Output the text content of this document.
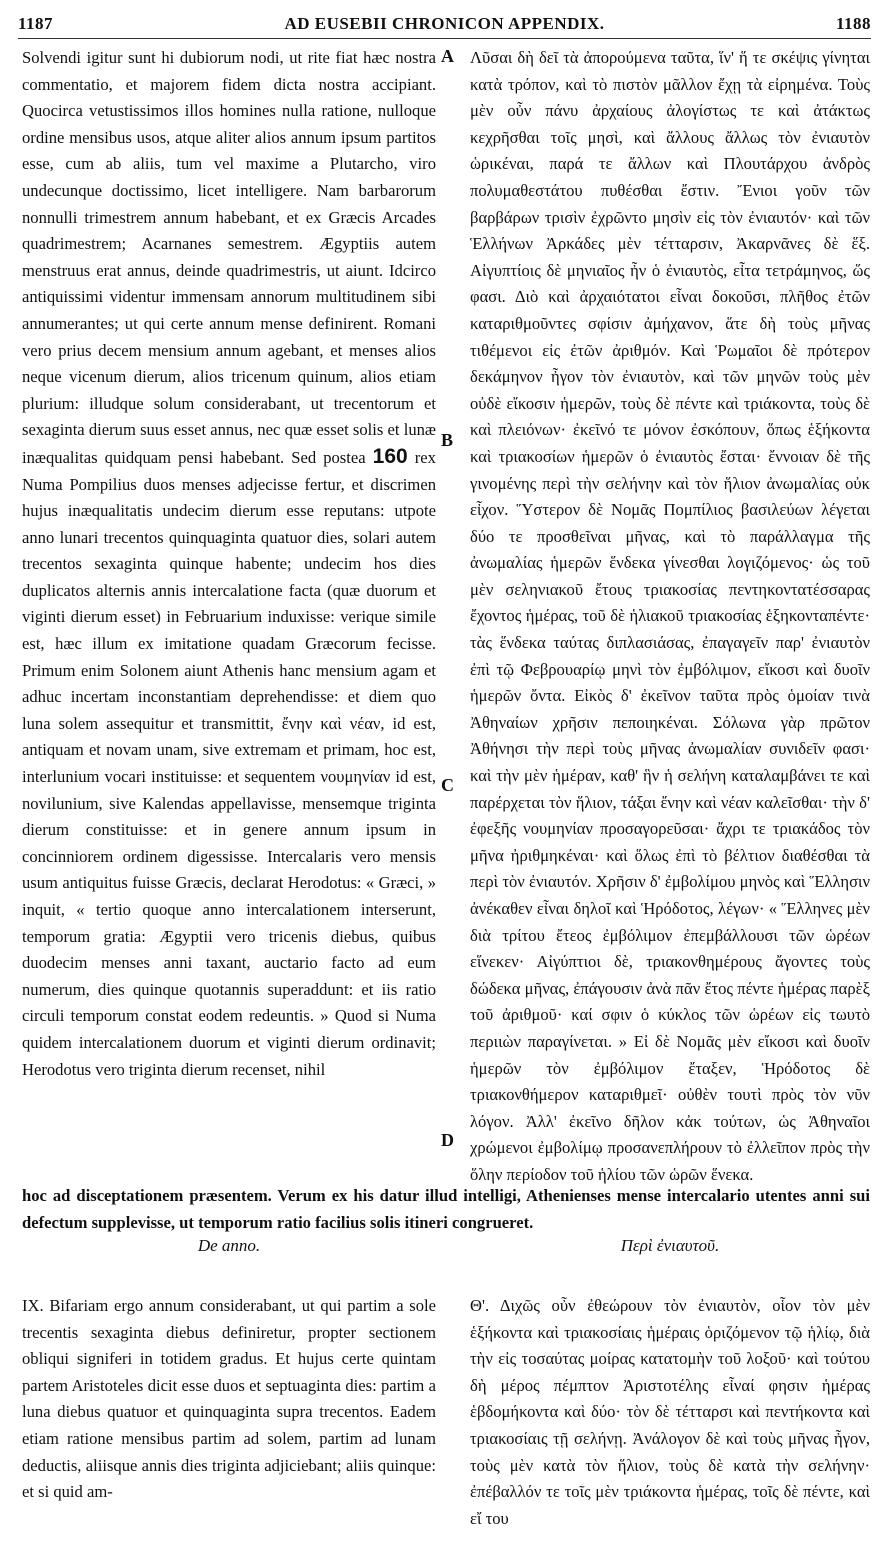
1187	AD EUSEBII CHRONICON APPENDIX.	1188

Solvendi igitur sunt hi dubiorum nodi, ut rite fiat hæc nostra commentatio, et majorem fidem dicta nostra accipiant. Quocirca vetustissimos illos homines nulla ratione, nulloque ordine mensibus usos, atque aliter alios annum ipsum partitos esse, cum ab aliis, tum vel maxime a Plutarcho, viro undecunque doctissimo, licet intelligere. Nam barbarorum nonnulli trimestrem annum habebant, et ex Græcis Arcades quadrimestrem; Acarnanes semestrem. Ægyptiis autem menstruus erat annus, deinde quadrimestris, ut aiunt. Idcirco antiquissimi videntur immensam annorum multitudinem sibi annumerantes; ut qui certe annum mense definirent. Romani vero prius decem mensium annum agebant, et menses alios neque vicenum dierum, alios tricenum quinum, alios etiam plurium: illudque solum considerabant, ut trecentorum et sexaginta dierum suus esset annus, nec quæ esset solis et lunæ inæqualitas quidquam pensi habebant. Sed postea 160 rex Numa Pompilius duos menses adjecisse fertur, et discrimen hujus inæqualitatis undecim dierum esse reputans: utpote anno lunari trecentos quinquaginta quatuor dies, solari autem trecentos sexaginta quinque habente; undecim hos dies duplicatos alternis annis intercalatione facta (quæ duorum et viginti dierum esset) in Februarium induxisse: verique simile est, hæc illum ex imitatione quadam Græcorum fecisse. Primum enim Solonem aiunt Athenis hanc mensium agam et adhuc incertam inconstantiam deprehendisse: et diem quo luna solem assequitur et transmittit, ἔνην καὶ νέαν, id est, antiquam et novam unam, sive extremam et primam, hoc est, interlunium vocari instituisse: et sequentem νουμηνίαν id est, novilunium, sive Kalendas appellavisse, mensemque triginta dierum constituisse: et in genere annum ipsum in concinniorem ordinem digessisse. Intercalaris vero mensis usum antiquitus fuisse Græcis, declarat Herodotus: « Græci, » inquit, « tertio quoque anno intercalationem interserunt, temporum gratia: Ægyptii vero tricenis diebus, quibus duodecim menses anni taxant, auctario facto ad eum numerum, dies quinque quotannis superaddunt: et iis ratio circuli temporum constat eodem redeuntis. » Quod si Numa quidem intercalationem duorum et viginti dierum ordinavit; Herodotus vero triginta dierum recenset, nihil

Λῦσαι δὴ δεῖ τὰ ἀπορούμενα ταῦτα, ἵν' ἥ τε σκέψις γίνηται κατὰ τρόπον, καὶ τὸ πιστὸν μᾶλλον ἔχῃ τὰ εἰρημένα. Τοὺς μὲν οὖν πάνυ ἀρχαίους ἀλογίστως τε καὶ ἀτάκτως κεχρῆσθαι τοῖς μησὶ, καὶ ἄλλους ἄλλως τὸν ἐνιαυτὸν ὡρικέναι, παρά τε ἄλλων καὶ Πλουτάρχου ἀνδρὸς πολυμαθεστάτου πυθέσθαι ἔστιν. Ἔνιοι γοῦν τῶν βαρβάρων τρισὶν ἐχρῶντο μησὶν εἰς τὸν ἐνιαυτόν· καὶ τῶν Ἑλλήνων Ἀρκάδες μὲν τέτταρσιν, Ἀκαρνᾶνες δὲ ἕξ. Αἰγυπτίοις δὲ μηνιαῖος ἦν ὁ ἐνιαυτὸς, εἶτα τετράμηνος, ὥς φασι. Διὸ καὶ ἀρχαιότατοι εἶναι δοκοῦσι, πλῆθος ἐτῶν καταριθμοῦντες σφίσιν ἀμήχανον, ἅτε δὴ τοὺς μῆνας τιθέμενοι εἰς ἐτῶν ἀριθμόν. Καὶ Ῥωμαῖοι δὲ πρότερον δεκάμηνον ἦγον τὸν ἐνιαυτὸν, καὶ τῶν μηνῶν τοὺς μὲν οὐδὲ εἴκοσιν ἡμερῶν, τοὺς δὲ πέντε καὶ τριάκοντα, τοὺς δὲ καὶ πλειόνων· ἐκεῖνό τε μόνον ἐσκόπουν, ὅπως ἑξήκοντα καὶ τριακοσίων ἡμερῶν ὁ ἐνιαυτὸς ἔσται· ἔννοιαν δὲ τῆς γινομένης περὶ τὴν σελήνην καὶ τὸν ἥλιον ἀνωμαλίας οὐκ εἶχον. Ὕστερον δὲ Νομᾶς Πομπίλιος βασιλεύων λέγεται δύο τε προσθεῖναι μῆνας, καὶ τὸ παράλλαγμα τῆς ἀνωμαλίας ἡμερῶν ἕνδεκα γίνεσθαι λογιζόμενος· ὡς τοῦ μὲν σεληνιακοῦ ἔτους τριακοσίας πεντηκοντατέσσαρας ἔχοντος ἡμέρας, τοῦ δὲ ἡλιακοῦ τριακοσίας ἑξηκονταπέντε· τὰς ἕνδεκα ταύτας διπλασιάσας, ἐπαγαγεῖν παρ' ἐνιαυτὸν ἐπὶ τῷ Φεβρουαρίῳ μηνὶ τὸν ἐμβόλιμον, εἴκοσι καὶ δυοῖν ἡμερῶν ὄντα. Εἰκὸς δ' ἐκεῖνον ταῦτα πρὸς ὁμοίαν τινὰ Ἀθηναίων χρῆσιν πεποιηκέναι. Σόλωνα γὰρ πρῶτον Ἀθήνησι τὴν περὶ τοὺς μῆνας ἀνωμαλίαν συνιδεῖν φασι· καὶ τὴν μὲν ἡμέραν, καθ' ἣν ἡ σελήνη καταλαμβάνει τε καὶ παρέρχεται τὸν ἥλιον, τάξαι ἔνην καὶ νέαν καλεῖσθαι· τὴν δ' ἐφεξῆς νουμηνίαν προσαγορεῦσαι· ἄχρι τε τριακάδος τὸν μῆνα ἠριθμηκέναι· καὶ ὅλως ἐπὶ τὸ βέλτιον διαθέσθαι τὰ περὶ τὸν ἐνιαυτόν. Χρῆσιν δ' ἐμβολίμου μηνὸς καὶ Ἕλλησιν ἀνέκαθεν εἶναι δηλοῖ καὶ Ἡρόδοτος, λέγων· « Ἕλληνες μὲν διὰ τρίτου ἔτεος ἐμβόλιμον ἐπεμβάλλουσι τῶν ὡρέων εἵνεκεν· Αἰγύπτιοι δὲ, τριακονθημέρους ἄγοντες τοὺς δώδεκα μῆνας, ἐπάγουσιν ἀνὰ πᾶν ἔτος πέντε ἡμέρας παρὲξ τοῦ ἀριθμοῦ· καί σφιν ὁ κύκλος τῶν ὡρέων εἰς τωυτὸ περιιὼν παραγίνεται. » Εἰ δὲ Νομᾶς μὲν εἴκοσι καὶ δυοῖν ἡμερῶν τὸν ἐμβόλιμον ἔταξεν, Ἡρόδοτος δὲ τριακονθήμερον καταριθμεῖ· οὐθὲν τουτὶ πρὸς τὸν νῦν λόγον. Ἀλλ' ἐκεῖνο δῆλον κἀκ τούτων, ὡς Ἀθηναῖοι χρώμενοι ἐμβολίμῳ προσανεπλήρουν τὸ ἐλλεῖπον πρὸς τὴν ὅλην περίοδον τοῦ ἡλίου τῶν ὡρῶν ἕνεκα.

A
B
C
D

hoc ad disceptationem præsentem. Verum ex his datur illud intelligi, Athenienses mense intercalario utentes anni sui defectum supplevisse, ut temporum ratio facilius solis itineri congrueret.

De anno.	Περὶ ἐνιαυτοῦ.

IX. Bifariam ergo annum considerabant, ut qui partim a sole trecentis sexaginta diebus definiretur, propter sectionem obliqui signiferi in totidem gradus. Et hujus certe quintam partem Aristoteles dicit esse duos et septuaginta dies: partim a luna diebus quatuor et quinquaginta supra trecentos. Eadem etiam ratione mensibus partim ad solem, partim ad lunam deductis, aliisque annis dies triginta adjiciebant; aliis quinque: et si quid am-

Θ'. Διχῶς οὖν ἐθεώρουν τὸν ἐνιαυτὸν, οἷον τὸν μὲν ἑξήκοντα καὶ τριακοσίαις ἡμέραις ὁριζόμενον τῷ ἡλίῳ, διὰ τὴν εἰς τοσαύτας μοίρας κατατομὴν τοῦ λοξοῦ· καὶ τούτου δὴ μέρος πέμπτον Ἀριστοτέλης εἶναί φησιν ἡμέρας ἑβδομήκοντα καὶ δύο· τὸν δὲ τέτταρσι καὶ πεντήκοντα καὶ τριακοσίαις τῇ σελήνῃ. Ἀνάλογον δὲ καὶ τοὺς μῆνας ἦγον, τοὺς μὲν κατὰ τὸν ἥλιον, τοὺς δὲ κατὰ τὴν σελήνην· ἐπέβαλλόν τε τοῖς μὲν τριάκοντα ἡμέρας, τοῖς δὲ πέντε, καὶ εἴ του
